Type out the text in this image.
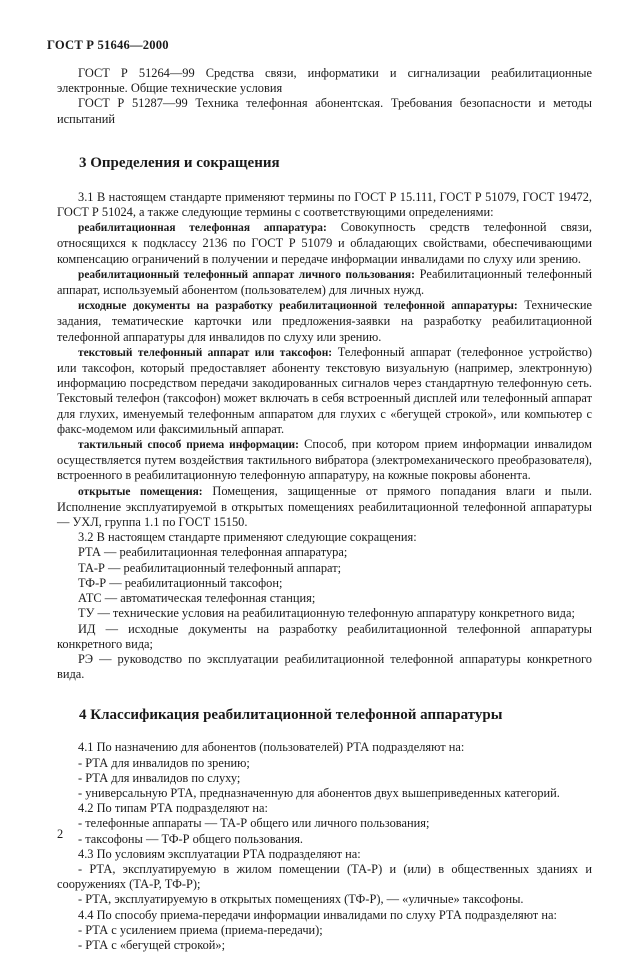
ГОСТ Р 51646—2000

ГОСТ Р 51264—99 Средства связи, информатики и сигнализации реабилитационные электронные. Общие технические условия

ГОСТ Р 51287—99 Техника телефонная абонентская. Требования безопасности и методы испытаний

3 Определения и сокращения

3.1 В настоящем стандарте применяют термины по ГОСТ Р 15.111, ГОСТ Р 51079, ГОСТ 19472, ГОСТ Р 51024, а также следующие термины с соответствующими определениями:

реабилитационная телефонная аппаратура: Совокупность средств телефонной связи, относящихся к подклассу 2136 по ГОСТ Р 51079 и обладающих свойствами, обеспечивающими компенсацию ограничений в получении и передаче информации инвалидами по слуху или зрению.

реабилитационный телефонный аппарат личного пользования: Реабилитационный телефонный аппарат, используемый абонентом (пользователем) для личных нужд.

исходные документы на разработку реабилитационной телефонной аппаратуры: Технические задания, тематические карточки или предложения-заявки на разработку реабилитационной телефонной аппаратуры для инвалидов по слуху или зрению.

текстовый телефонный аппарат или таксофон: Телефонный аппарат (телефонное устройство) или таксофон, который предоставляет абоненту текстовую визуальную (например, электронную) информацию посредством передачи закодированных сигналов через стандартную телефонную сеть. Текстовый телефон (таксофон) может включать в себя встроенный дисплей или телефонный аппарат для глухих, именуемый телефонным аппаратом для глухих с «бегущей строкой», или компьютер с факс-модемом или факсимильный аппарат.

тактильный способ приема информации: Способ, при котором прием информации инвалидом осуществляется путем воздействия тактильного вибратора (электромеханического преобразователя), встроенного в реабилитационную телефонную аппаратуру, на кожные покровы абонента.

открытые помещения: Помещения, защищенные от прямого попадания влаги и пыли. Исполнение эксплуатируемой в открытых помещениях реабилитационной телефонной аппаратуры — УХЛ, группа 1.1 по ГОСТ 15150.

3.2 В настоящем стандарте применяют следующие сокращения:

РТА — реабилитационная телефонная аппаратура;

ТА-Р — реабилитационный телефонный аппарат;

ТФ-Р — реабилитационный таксофон;

АТС — автоматическая телефонная станция;

ТУ — технические условия на реабилитационную телефонную аппаратуру конкретного вида;

ИД — исходные документы на разработку реабилитационной телефонной аппаратуры конкретного вида;

РЭ — руководство по эксплуатации реабилитационной телефонной аппаратуры конкретного вида.

4 Классификация реабилитационной телефонной аппаратуры

4.1 По назначению для абонентов (пользователей) РТА подразделяют на:

- РТА для инвалидов по зрению;

- РТА для инвалидов по слуху;

- универсальную РТА, предназначенную для абонентов двух вышеприведенных категорий.

4.2 По типам РТА подразделяют на:

- телефонные аппараты — ТА-Р общего или личного пользования;

- таксофоны — ТФ-Р общего пользования.

4.3 По условиям эксплуатации РТА подразделяют на:

- РТА, эксплуатируемую в жилом помещении (ТА-Р) и (или) в общественных зданиях и сооружениях (ТА-Р, ТФ-Р);

- РТА, эксплуатируемую в открытых помещениях (ТФ-Р), — «уличные» таксофоны.

4.4 По способу приема-передачи информации инвалидами по слуху РТА подразделяют на:

- РТА с усилением приема (приема-передачи);

- РТА с «бегущей строкой»;

2
